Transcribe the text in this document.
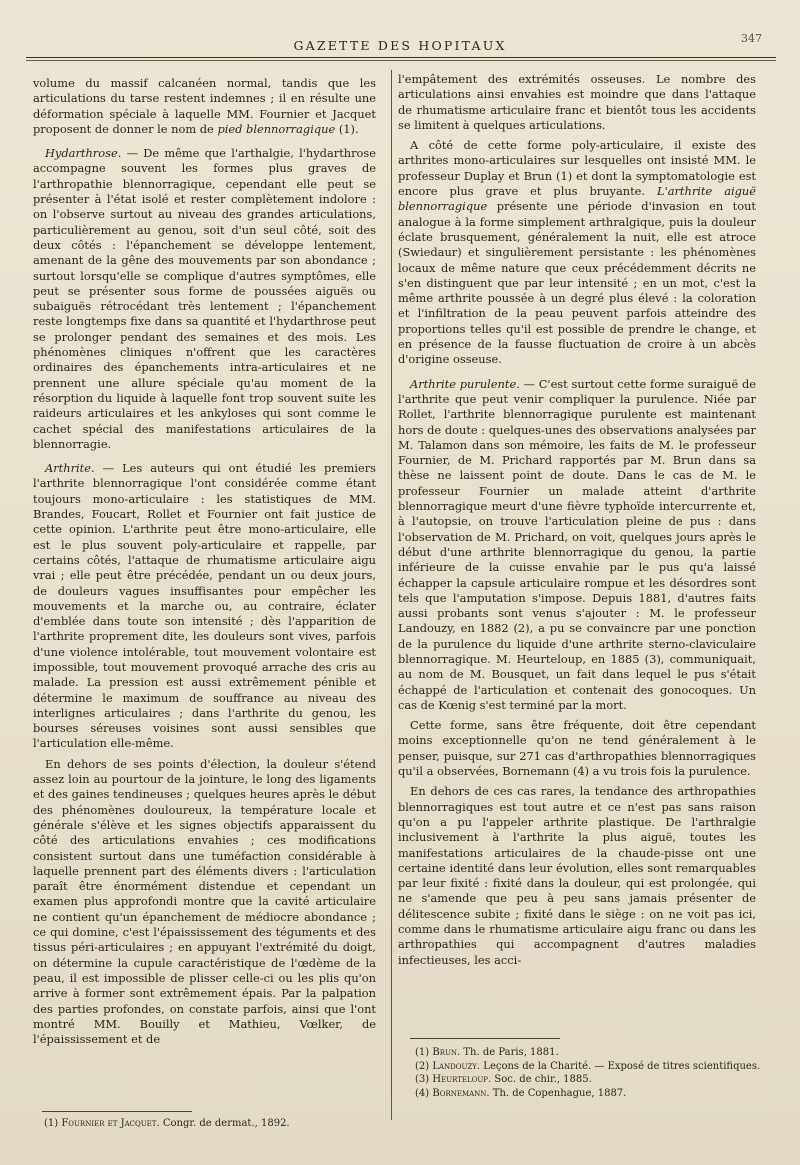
GAZETTE DES HOPITAUX	347

volume du massif calcanéen normal, tandis que les articulations du tarse restent indemnes ; il en résulte une déformation spéciale à laquelle MM. Fournier et Jacquet proposent de donner le nom de pied blennorragique (1).

Hydarthrose. — De même que l'arthalgie, l'hydarthrose accompagne souvent les formes plus graves de l'arthropathie blennorragique, cependant elle peut se présenter à l'état isolé et rester complètement indolore : on l'observe surtout au niveau des grandes articulations, particulièrement au genou, soit d'un seul côté, soit des deux côtés : l'épanchement se développe lentement, amenant de la gêne des mouvements par son abondance ; surtout lorsqu'elle se complique d'autres symptômes, elle peut se présenter sous forme de poussées aiguës ou subaiguës rétrocédant très lentement ; l'épanchement reste longtemps fixe dans sa quantité et l'hydarthrose peut se prolonger pendant des semaines et des mois. Les phénomènes cliniques n'offrent que les caractères ordinaires des épanchements intra-articulaires et ne prennent une allure spéciale qu'au moment de la résorption du liquide à laquelle font trop souvent suite les raideurs articulaires et les ankyloses qui sont comme le cachet spécial des manifestations articulaires de la blennorragie.

Arthrite. — Les auteurs qui ont étudié les premiers l'arthrite blennorragique l'ont considérée comme étant toujours mono-articulaire : les statistiques de MM. Brandes, Foucart, Rollet et Fournier ont fait justice de cette opinion. L'arthrite peut être mono-articulaire, elle est le plus souvent poly-articulaire et rappelle, par certains côtés, l'attaque de rhumatisme articulaire aigu vrai ; elle peut être précédée, pendant un ou deux jours, de douleurs vagues insuffisantes pour empêcher les mouvements et la marche ou, au contraire, éclater d'emblée dans toute son intensité ; dès l'apparition de l'arthrite proprement dite, les douleurs sont vives, parfois d'une violence intolérable, tout mouvement volontaire est impossible, tout mouvement provoqué arrache des cris au malade. La pression est aussi extrêmement pénible et détermine le maximum de souffrance au niveau des interlignes articulaires ; dans l'arthrite du genou, les bourses séreuses voisines sont aussi sensibles que l'articulation elle-même.

En dehors de ses points d'élection, la douleur s'étend assez loin au pourtour de la jointure, le long des ligaments et des gaines tendineuses ; quelques heures après le début des phénomènes douloureux, la température locale et générale s'élève et les signes objectifs apparaissent du côté des articulations envahies ; ces modifications consistent surtout dans une tuméfaction considérable à laquelle prennent part des éléments divers : l'articulation paraît être énormément distendue et cependant un examen plus approfondi montre que la cavité articulaire ne contient qu'un épanchement de médiocre abondance ; ce qui domine, c'est l'épaississement des téguments et des tissus péri-articulaires ; en appuyant l'extrémité du doigt, on détermine la cupule caractéristique de l'œdème de la peau, il est impossible de plisser celle-ci ou les plis qu'on arrive à former sont extrêmement épais. Par la palpation des parties profondes, on constate parfois, ainsi que l'ont montré MM. Bouilly et Mathieu, Vœlker, de l'épaississement et de

(1) Fournier et Jacquet. Congr. de dermat., 1892.

l'empâtement des extrémités osseuses. Le nombre des articulations ainsi envahies est moindre que dans l'attaque de rhumatisme articulaire franc et bientôt tous les accidents se limitent à quelques articulations.

A côté de cette forme poly-articulaire, il existe des arthrites mono-articulaires sur lesquelles ont insisté MM. le professeur Duplay et Brun (1) et dont la symptomatologie est encore plus grave et plus bruyante. L'arthrite aiguë blennorragique présente une période d'invasion en tout analogue à la forme simplement arthralgique, puis la douleur éclate brusquement, généralement la nuit, elle est atroce (Swiedaur) et singulièrement persistante : les phénomènes locaux de même nature que ceux précédemment décrits ne s'en distinguent que par leur intensité ; en un mot, c'est la même arthrite poussée à un degré plus élevé : la coloration et l'infiltration de la peau peuvent parfois atteindre des proportions telles qu'il est possible de prendre le change, et en présence de la fausse fluctuation de croire à un abcès d'origine osseuse.

Arthrite purulente. — C'est surtout cette forme suraiguë de l'arthrite que peut venir compliquer la purulence. Niée par Rollet, l'arthrite blennorragique purulente est maintenant hors de doute : quelques-unes des observations analysées par M. Talamon dans son mémoire, les faits de M. le professeur Fournier, de M. Prichard rapportés par M. Brun dans sa thèse ne laissent point de doute. Dans le cas de M. le professeur Fournier un malade atteint d'arthrite blennorragique meurt d'une fièvre typhoïde intercurrente et, à l'autopsie, on trouve l'articulation pleine de pus : dans l'observation de M. Prichard, on voit, quelques jours après le début d'une arthrite blennorragique du genou, la partie inférieure de la cuisse envahie par le pus qu'a laissé échapper la capsule articulaire rompue et les désordres sont tels que l'amputation s'impose. Depuis 1881, d'autres faits aussi probants sont venus s'ajouter : M. le professeur Landouzy, en 1882 (2), a pu se convaincre par une ponction de la purulence du liquide d'une arthrite sterno-claviculaire blennorragique. M. Heurteloup, en 1885 (3), communiquait, au nom de M. Bousquet, un fait dans lequel le pus s'était échappé de l'articulation et contenait des gonocoques. Un cas de Kœnig s'est terminé par la mort.

Cette forme, sans être fréquente, doit être cependant moins exceptionnelle qu'on ne tend généralement à le penser, puisque, sur 271 cas d'arthropathies blennorragiques qu'il a observées, Bornemann (4) a vu trois fois la purulence.

En dehors de ces cas rares, la tendance des arthropathies blennorragiques est tout autre et ce n'est pas sans raison qu'on a pu l'appeler arthrite plastique. De l'arthralgie inclusivement à l'arthrite la plus aiguë, toutes les manifestations articulaires de la chaude-pisse ont une certaine identité dans leur évolution, elles sont remarquables par leur fixité : fixité dans la douleur, qui est prolongée, qui ne s'amende que peu à peu sans jamais présenter de délitescence subite ; fixité dans le siège : on ne voit pas ici, comme dans le rhumatisme articulaire aigu franc ou dans les arthropathies qui accompagnent d'autres maladies infectieuses, les acci-

(1) Brun. Th. de Paris, 1881.
(2) Landouzy. Leçons de la Charité. — Exposé de titres scientifiques.
(3) Heurteloup. Soc. de chir., 1885.
(4) Bornemann. Th. de Copenhague, 1887.
